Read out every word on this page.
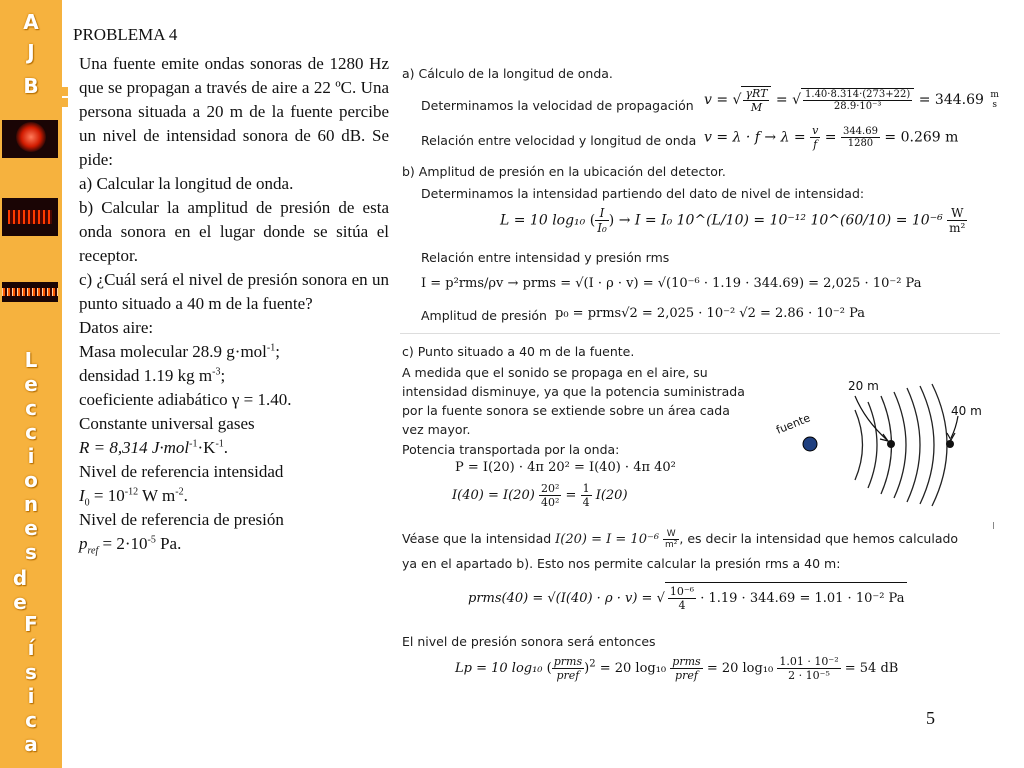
A
J
B
L
e
c
c
i
o
n
e
s
d
e
F
í
s
i
c
a
PROBLEMA 4

Una fuente emite ondas sonoras de 1280 Hz que se propagan a través de aire a 22 ºC. Una persona situada a 20 m de la fuente percibe un nivel de intensidad sonora de 60 dB. Se pide:

a) Calcular la longitud de onda.

b) Calcular la amplitud de presión de esta onda sonora en el lugar donde se sitúa el receptor.

c) ¿Cuál será el nivel de presión sonora en un punto situado a 40 m de la fuente?

Datos aire:
Masa molecular 28.9 g·mol$^{-1}$;
densidad 1.19 kg $m^{-3}$;
coeficiente adiabático γ = 1.40.
Constante universal gases
R = 8,314 $J\cdot mol^{-1}\cdot K^{-1}$.
Nivel de referencia intensidad
$I_0 = 10^{-12}$ W $m^{-2}$.
Nivel de referencia de presión
$p_{ref} = 2\cdot 10^{-5}$ Pa.
a) Cálculo de la longitud de onda.
Determinamos la velocidad de propagación v = √ $\frac{\text{γRT}}{M}$ = √ $\frac{1.40\cdot 8.314\cdot(273+22)}{\text{28.9·10⁻³}} = 344.69$ m
s
Relación entre velocidad y longitud de onda $v = \lambda \cdot f \to \lambda = \frac{v}{f} = \frac{344.69}{1280} = 0.269$ m
b) Amplitud de presión en la ubicación del detector.
Determinamos la intensidad partiendo del dato de nivel de intensidad:
L = 10 log₁₀ ( $\frac{I}{\text{I₀}}$ ) → I = I₀ 10^(L/10) = 10⁻¹² 10^(60/10) = $10^{-6} \frac{W}{\text{m²}}$
Relación entre intensidad y presión rms
I = p²rms/ρv → prms = √(I · ρ · v) = √(10⁻⁶ · 1.19 · 344.69) = 2,025 · 10⁻² Pa
Amplitud de presión p₀ = prms√2 = 2,025 · 10⁻² √2 = 2.86 · 10⁻² Pa
c) Punto situado a 40 m de la fuente.
A medida que el sonido se propaga en el aire, su
intensidad disminuye, ya que la potencia suministrada
por la fuente sonora se extiende sobre un área cada
vez mayor.
Potencia transportada por la onda:
P = I(20) · 4π 20² = I(40) · 4π 40²
$I(40) = I(20) \frac{\text{20²}}{\text{40²}} = \frac{1}{4} I(20)$
Véase que la intensidad $I(20) = I = 10^{-6} \frac{W}{\text{m²}}$ , es decir la intensidad que hemos calculado
ya en el apartado b). Esto nos permite calcular la presión rms a 40 m:
prms(40) = √(I(40) · ρ · v) = √ $\frac{\text{10⁻⁶}}{4} \cdot 1.19 \cdot 344.69 = 1.01 \cdot 10^{-2}$ Pa
El nivel de presión sonora será entonces
Lp = 10 log₁₀ ( $\frac{\text{prms}}{\text{pref}} )^2 = 20$ $\log_{10} \frac{\text{prms}}{\text{pref}} = 20$ $\log_{10} \frac{\text{1.01 · 10⁻²}}{\text{2 · 10⁻⁵}} = 54$ dB
20 m
40 m
fuente
5
